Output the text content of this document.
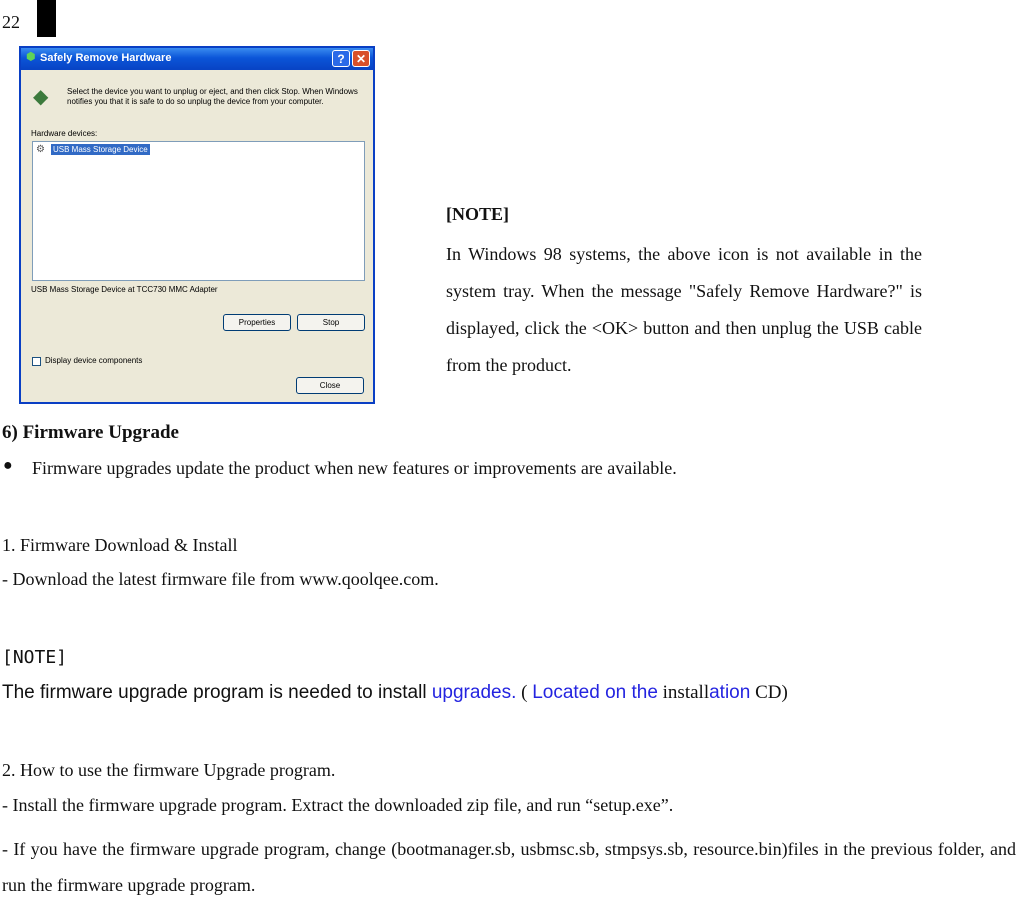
22
⬢ Safely Remove Hardware	? ✕
◆	Select the device you want to unplug or eject, and then click Stop. When Windows notifies you that it is safe to do so unplug the device from your computer.
Hardware devices:
⚙	USB Mass Storage Device
USB Mass Storage Device at TCC730 MMC Adapter
Properties	Stop
Display device components
Close
[NOTE]
In Windows 98 systems, the above icon is not available in the system tray. When the message "Safely Remove Hardware?" is displayed, click the <OK> button and then unplug the USB cable from the product.
6) Firmware Upgrade
● Firmware upgrades update the product when new features or improvements are available.
1. Firmware Download & Install
- Download the latest firmware file from www.qoolqee.com.
[NOTE]
The firmware upgrade program is needed to install upgrades. ( Located on the installation CD)
2. How to use the firmware Upgrade program.
- Install the firmware upgrade program. Extract the downloaded zip file, and run “setup.exe”.
- If you have the firmware upgrade program, change (bootmanager.sb, usbmsc.sb, stmpsys.sb, resource.bin)files in the previous folder, and run the firmware upgrade program.
